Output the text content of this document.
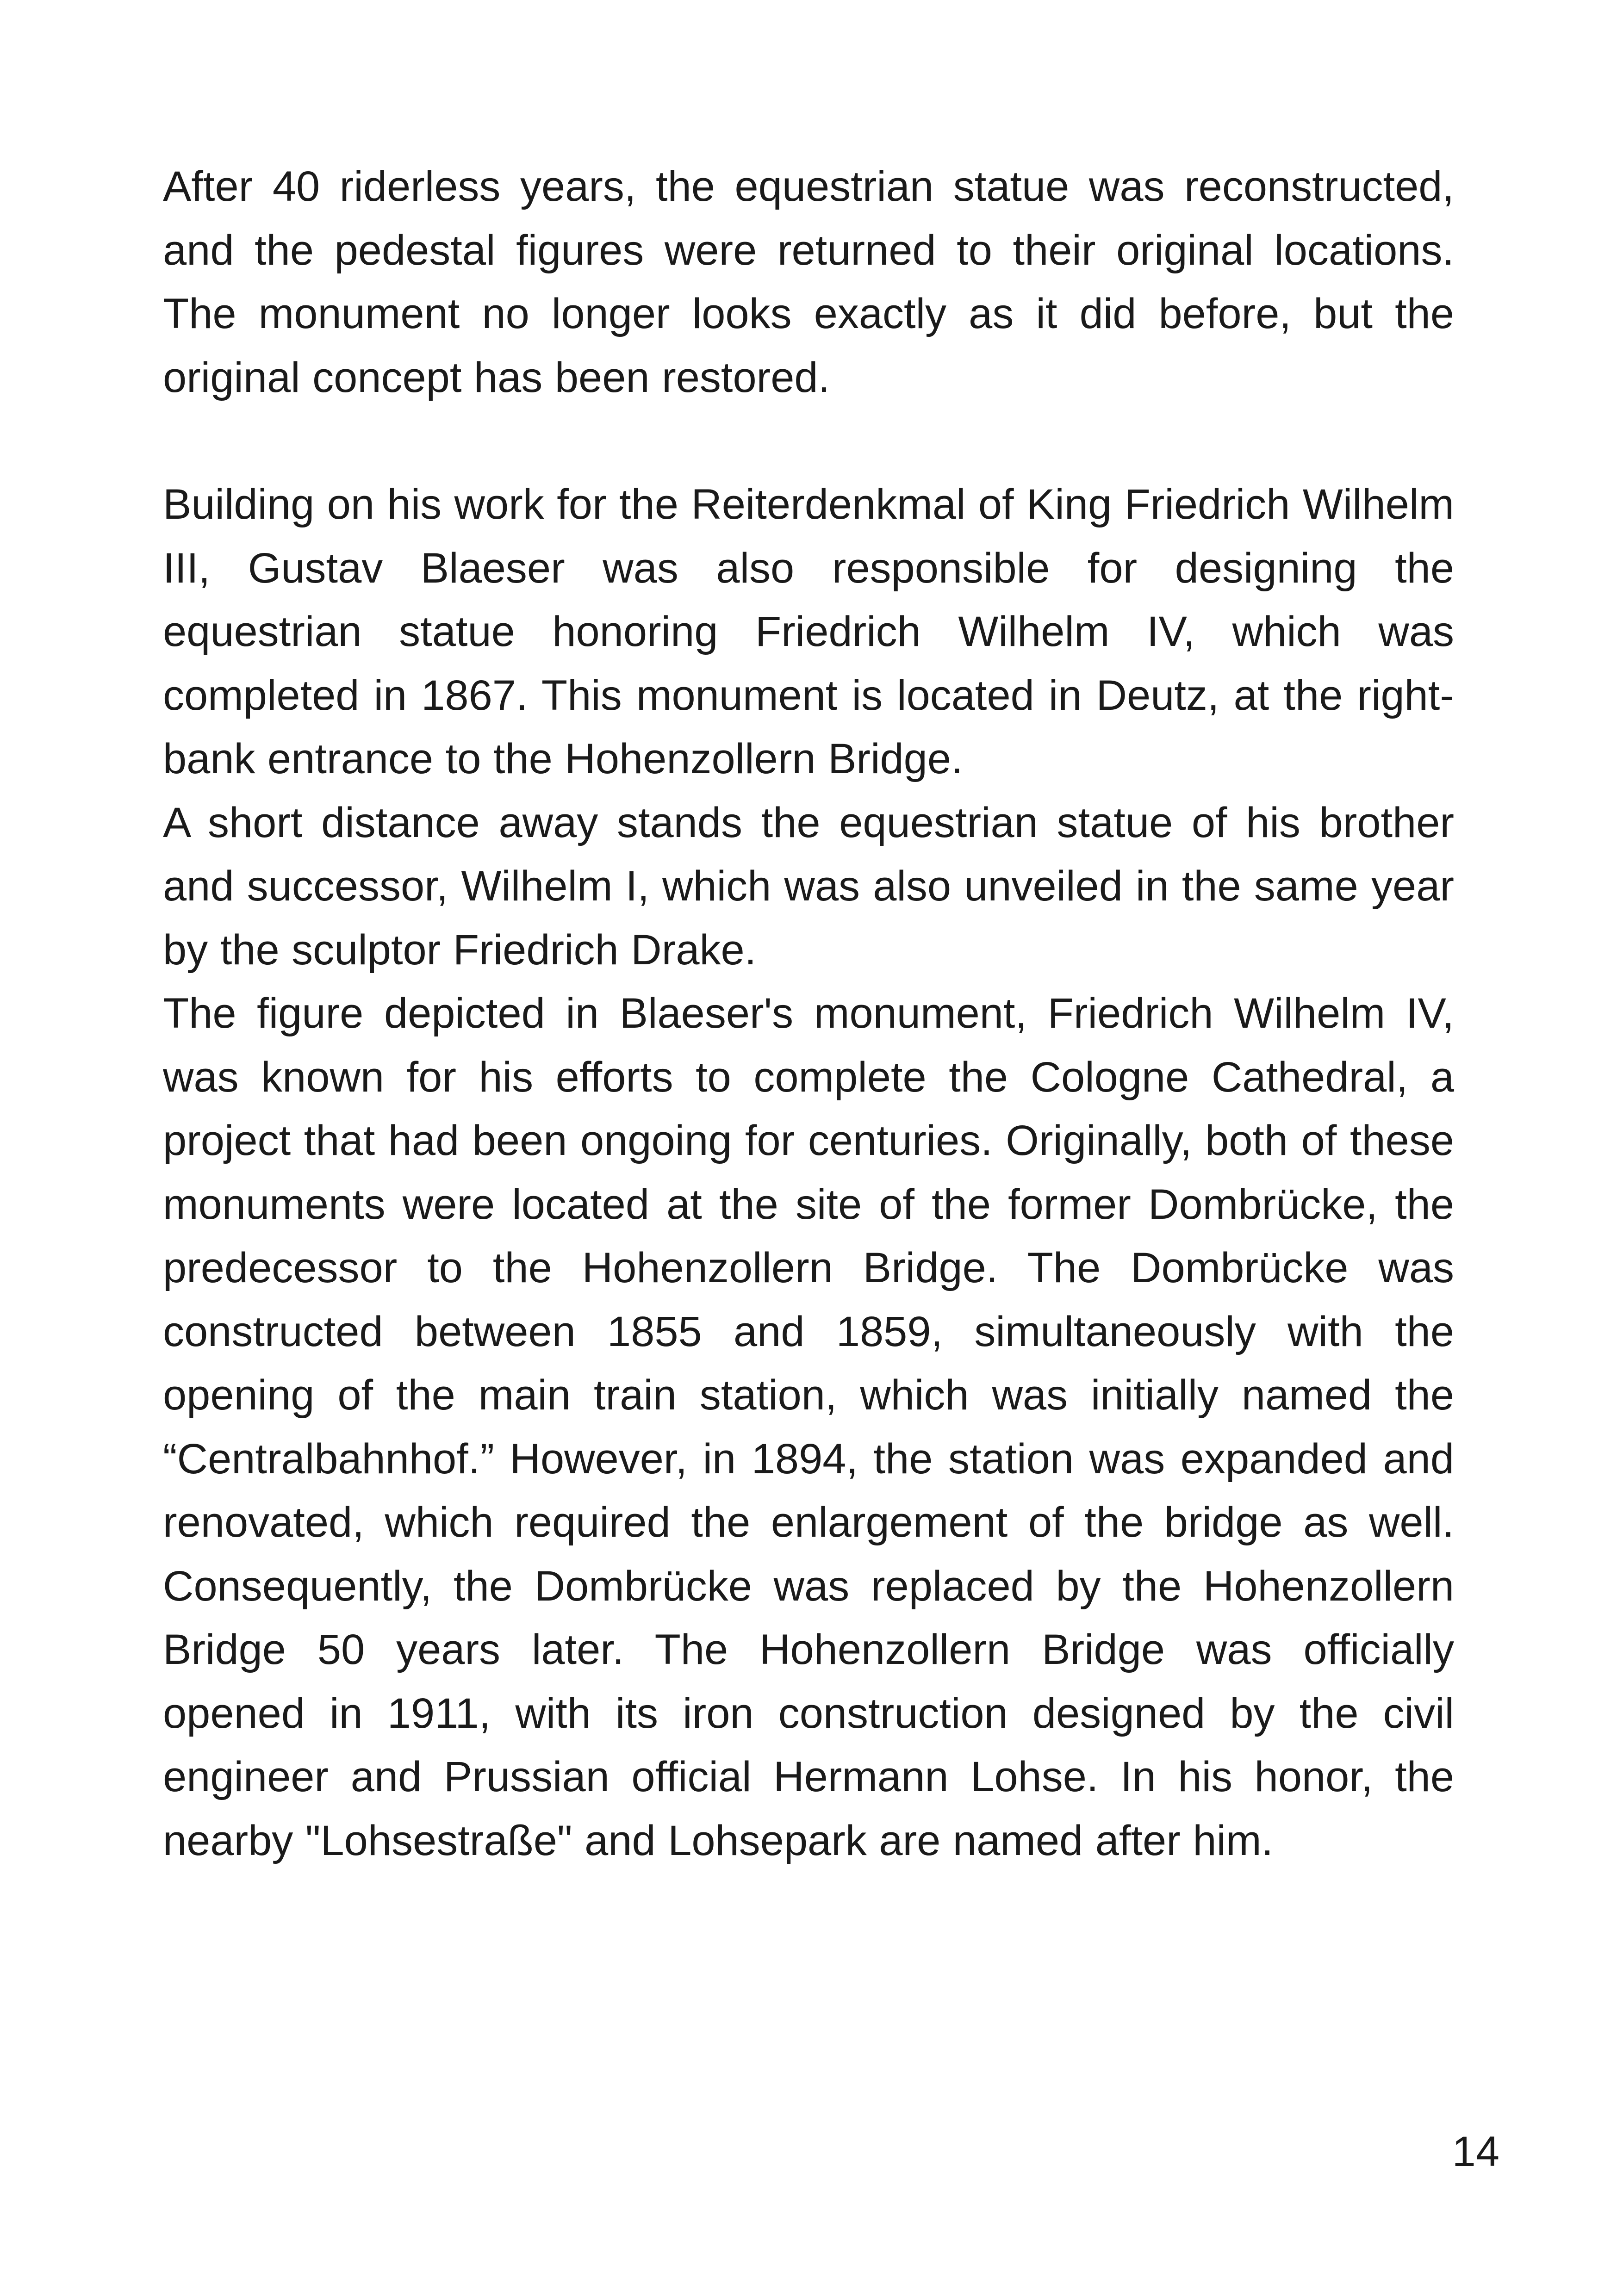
After 40 riderless years, the equestrian statue was reconstructed, and the pedestal figures were returned to their original locations. The monument no longer looks exactly as it did before, but the original concept has been restored.

Building on his work for the Reiterdenkmal of King Friedrich Wilhelm III, Gustav Blaeser was also responsible for designing the equestrian statue honoring Friedrich Wilhelm IV, which was completed in 1867. This monument is located in Deutz, at the right-bank entrance to the Hohenzollern Bridge.

A short distance away stands the equestrian statue of his brother and successor, Wilhelm I, which was also unveiled in the same year by the sculptor Friedrich Drake.

The figure depicted in Blaeser's monument, Friedrich Wilhelm IV, was known for his efforts to complete the Cologne Cathedral, a project that had been ongoing for centuries. Originally, both of these monuments were located at the site of the former Dombrücke, the predecessor to the Hohenzollern Bridge. The Dombrücke was constructed between 1855 and 1859, simultaneously with the opening of the main train station, which was initially named the “Centralbahnhof.” However, in 1894, the station was expanded and renovated, which required the enlargement of the bridge as well. Consequently, the Dombrücke was replaced by the Hohenzollern Bridge 50 years later. The Hohenzollern Bridge was officially opened in 1911, with its iron construction designed by the civil engineer and Prussian official Hermann Lohse. In his honor, the nearby "Lohsestraße" and Lohsepark are named after him.

14
